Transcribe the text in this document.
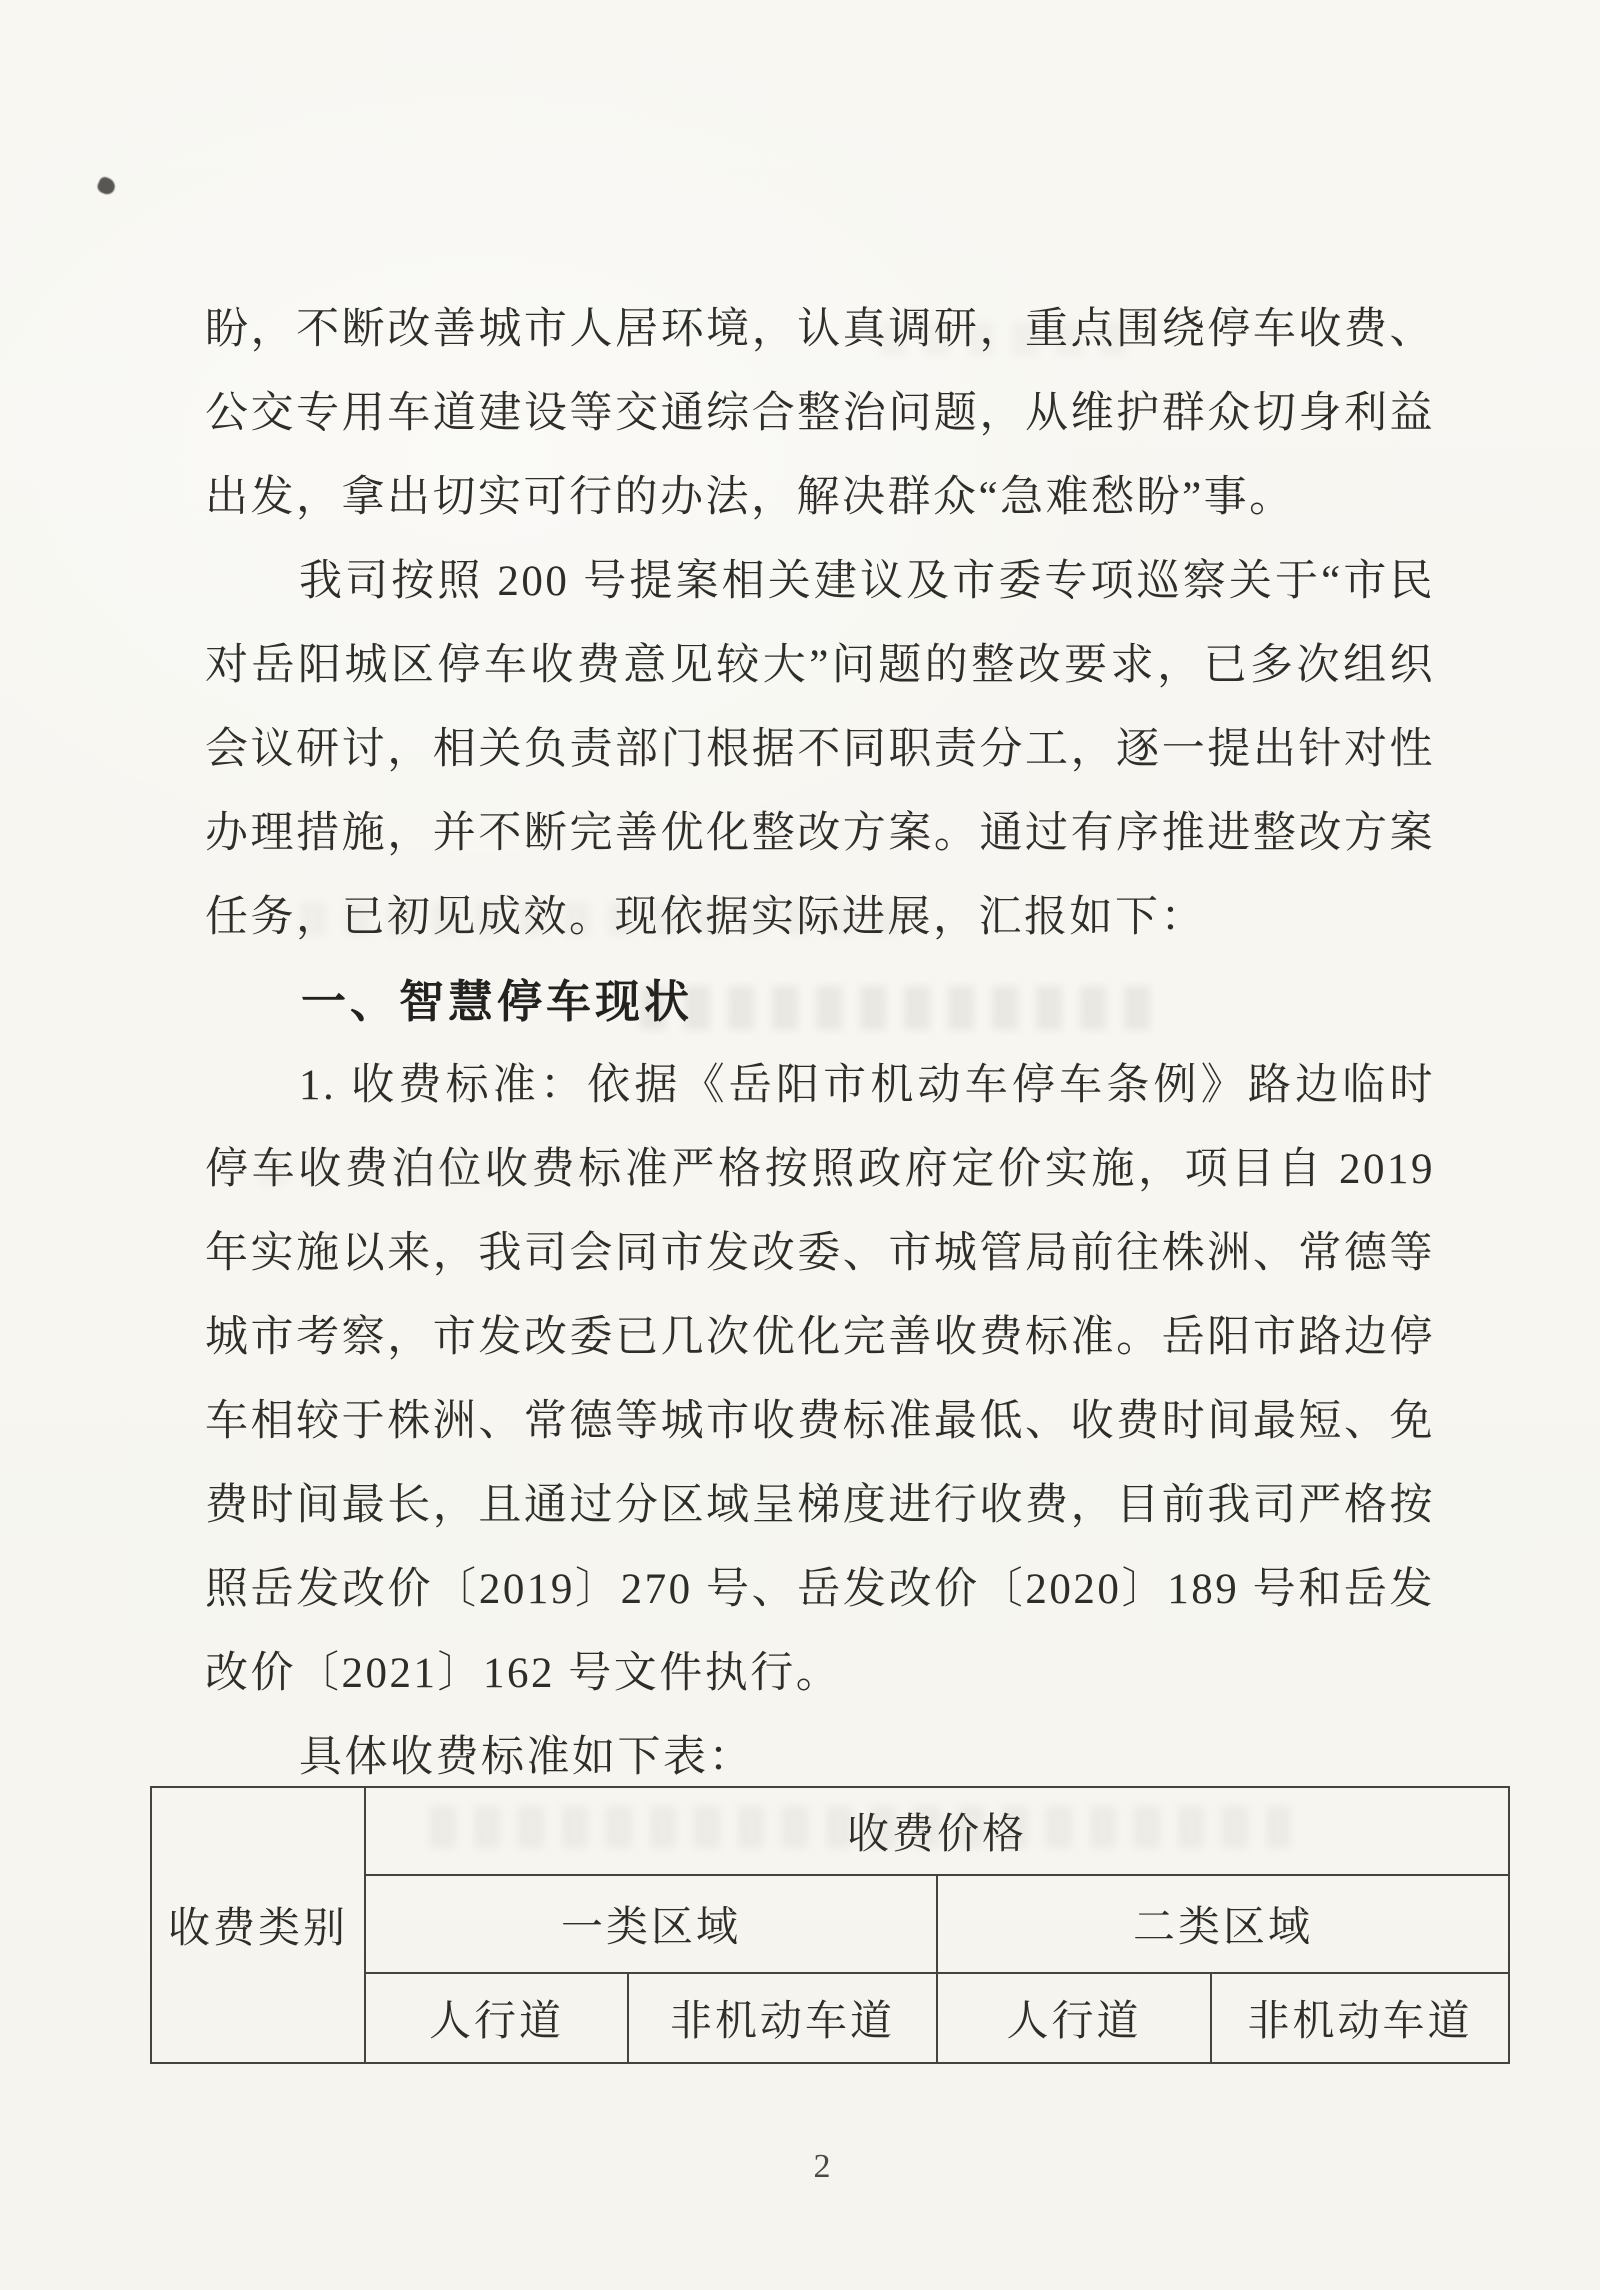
盼，不断改善城市人居环境，认真调研，重点围绕停车收费、公交专用车道建设等交通综合整治问题，从维护群众切身利益出发，拿出切实可行的办法，解决群众“急难愁盼”事。

我司按照 200 号提案相关建议及市委专项巡察关于“市民对岳阳城区停车收费意见较大”问题的整改要求，已多次组织会议研讨，相关负责部门根据不同职责分工，逐一提出针对性办理措施，并不断完善优化整改方案。通过有序推进整改方案任务，已初见成效。现依据实际进展，汇报如下：

一、智慧停车现状

1. 收费标准：依据《岳阳市机动车停车条例》路边临时停车收费泊位收费标准严格按照政府定价实施，项目自 2019 年实施以来，我司会同市发改委、市城管局前往株洲、常德等城市考察，市发改委已几次优化完善收费标准。岳阳市路边停车相较于株洲、常德等城市收费标准最低、收费时间最短、免费时间最长，且通过分区域呈梯度进行收费，目前我司严格按照岳发改价〔2019〕270 号、岳发改价〔2020〕189 号和岳发改价〔2021〕162 号文件执行。

具体收费标准如下表：

收费类别	收费价格			
	一类区域		二类区域	
	人行道	非机动车道	人行道	非机动车道
2
